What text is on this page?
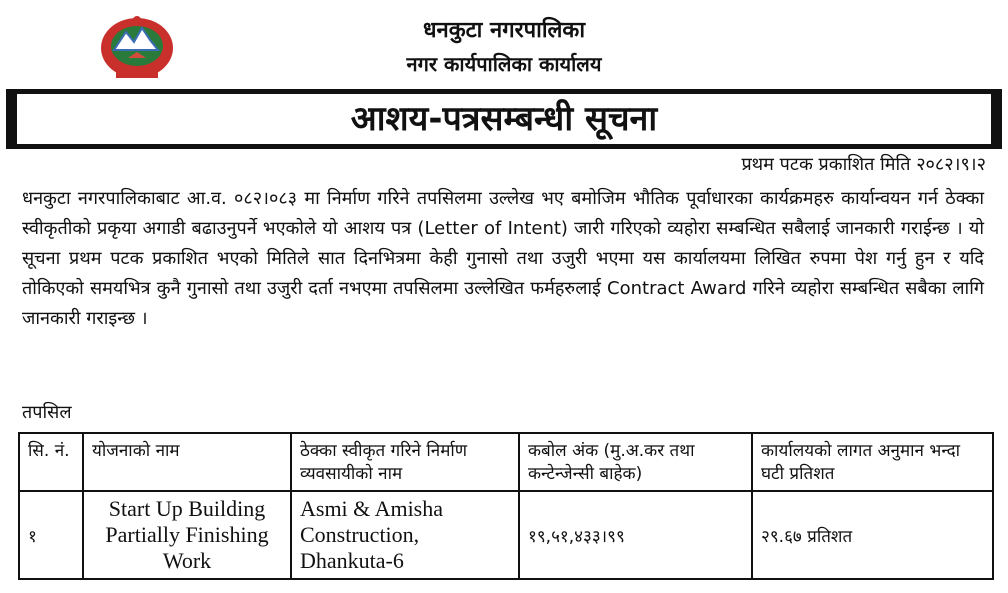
धनकुटा नगरपालिका
नगर कार्यपालिका कार्यालय
आशय-पत्रसम्बन्धी सूचना
प्रथम पटक प्रकाशित मिति २०८२।९।२

धनकुटा नगरपालिकाबाट आ.व. ०८२।०८३ मा निर्माण गरिने तपसिलमा उल्लेख भए बमोजिम भौतिक पूर्वाधारका कार्यक्रमहरु कार्यान्वयन गर्न ठेक्का स्वीकृतीको प्रकृया अगाडी बढाउनुपर्ने भएकोले यो आशय पत्र (Letter of Intent) जारी गरिएको व्यहोरा सम्बन्धित सबैलाई जानकारी गराईन्छ । यो सूचना प्रथम पटक प्रकाशित भएको मितिले सात दिनभित्रमा केही गुनासो तथा उजुरी भएमा यस कार्यालयमा लिखित रुपमा पेश गर्नु हुन र यदि तोकिएको समयभित्र कुनै गुनासो तथा उजुरी दर्ता नभएमा तपसिलमा उल्लेखित फर्महरुलाई Contract Award गरिने व्यहोरा सम्बन्धित सबैका लागि जानकारी गराइन्छ ।

तपसिल
सि. नं.	योजनाको नाम	ठेक्का स्वीकृत गरिने निर्माण व्यवसायीको नाम	कबोल अंक (मु.अ.कर तथा कन्टेन्जेन्सी बाहेक)	कार्यालयको लागत अनुमान भन्दा घटी प्रतिशत
१	Start Up Building Partially Finishing Work	Asmi & Amisha Construction, Dhankuta-6	१९,५१,४३३।९९	२९.६७ प्रतिशत
